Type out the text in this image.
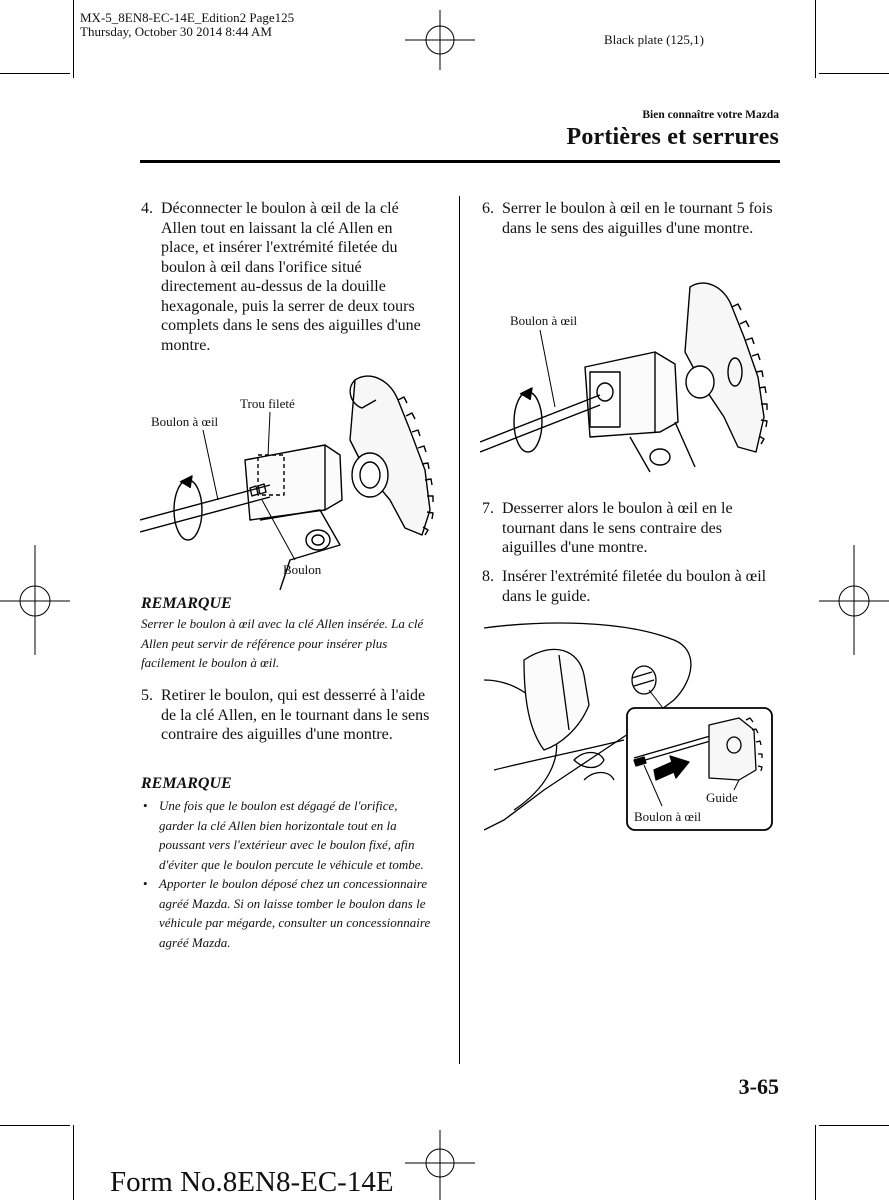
MX-5_8EN8-EC-14E_Edition2 Page125
Thursday, October 30 2014 8:44 AM
Black plate (125,1)
Bien connaître votre Mazda
Portières et serrures
4. Déconnecter le boulon à œil de la clé Allen tout en laissant la clé Allen en place, et insérer l'extrémité filetée du boulon à œil dans l'orifice situé directement au-dessus de la douille hexagonale, puis la serrer de deux tours complets dans le sens des aiguilles d'une montre.
Boulon à œil
Trou fileté
Boulon
REMARQUE
Serrer le boulon à œil avec la clé Allen insérée. La clé Allen peut servir de référence pour insérer plus facilement le boulon à œil.
5. Retirer le boulon, qui est desserré à l'aide de la clé Allen, en le tournant dans le sens contraire des aiguilles d'une montre.
REMARQUE
• Une fois que le boulon est dégagé de l'orifice, garder la clé Allen bien horizontale tout en la poussant vers l'extérieur avec le boulon fixé, afin d'éviter que le boulon percute le véhicule et tombe.
• Apporter le boulon déposé chez un concessionnaire agréé Mazda. Si on laisse tomber le boulon dans le véhicule par mégarde, consulter un concessionnaire agréé Mazda.
6. Serrer le boulon à œil en le tournant 5 fois dans le sens des aiguilles d'une montre.
Boulon à œil
7. Desserrer alors le boulon à œil en le tournant dans le sens contraire des aiguilles d'une montre.
8. Insérer l'extrémité filetée du boulon à œil dans le guide.
Guide
Boulon à œil
3-65
Form No.8EN8-EC-14E
